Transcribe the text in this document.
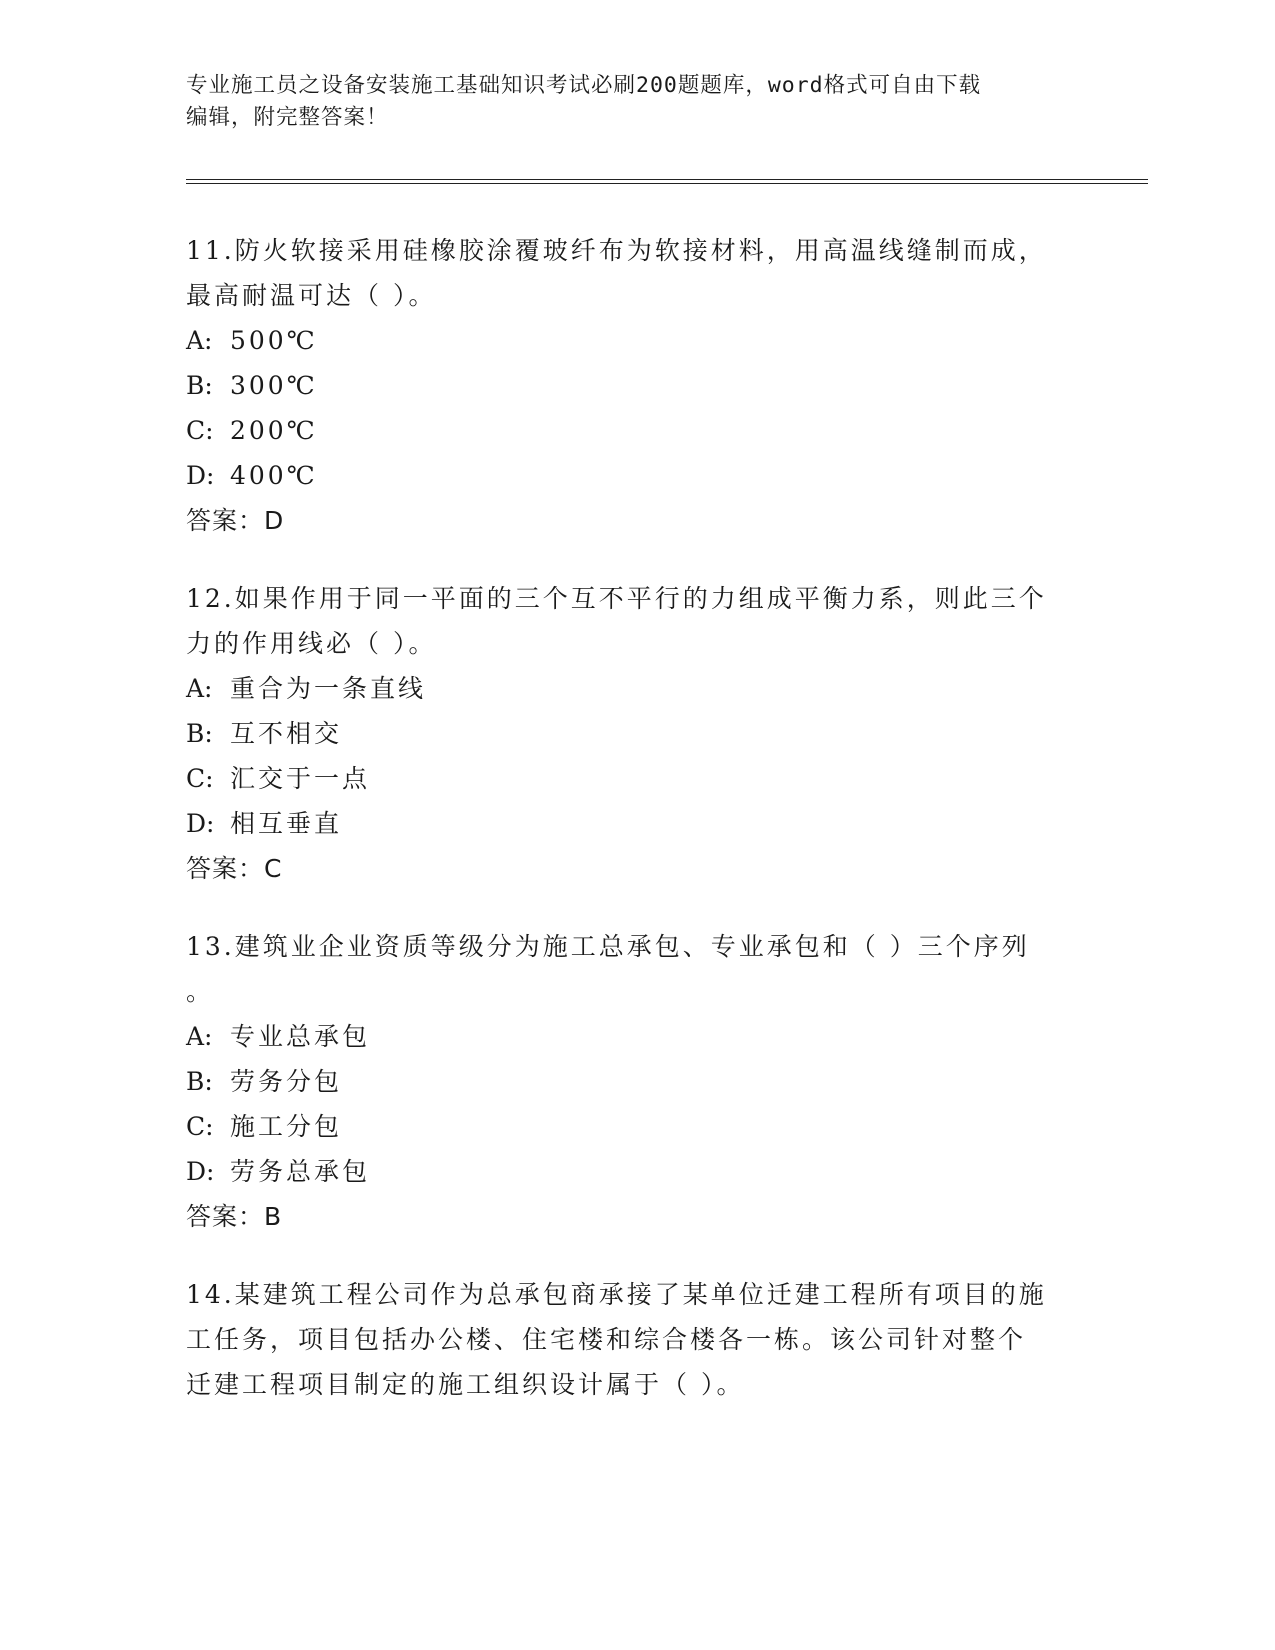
专业施工员之设备安装施工基础知识考试必刷200题题库，word格式可自由下载
编辑，附完整答案！
11.防火软接采用硅橡胶涂覆玻纤布为软接材料，用高温线缝制而成，
最高耐温可达（ ）。
A: 500℃
B: 300℃
C: 200℃
D: 400℃
答案：D
12.如果作用于同一平面的三个互不平行的力组成平衡力系，则此三个
力的作用线必（ ）。
A: 重合为一条直线
B: 互不相交
C: 汇交于一点
D: 相互垂直
答案：C
13.建筑业企业资质等级分为施工总承包、专业承包和（ ）三个序列
。
A: 专业总承包
B: 劳务分包
C: 施工分包
D: 劳务总承包
答案：B
14.某建筑工程公司作为总承包商承接了某单位迁建工程所有项目的施
工任务，项目包括办公楼、住宅楼和综合楼各一栋。该公司针对整个
迁建工程项目制定的施工组织设计属于（ ）。
